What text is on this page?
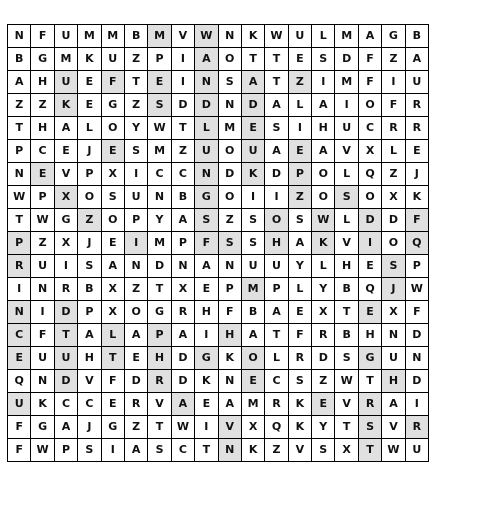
N	F	U	M	M	B	M	V	W	N	K	W	U	L	M	A	G	B
B	G	M	K	U	Z	P	I	A	O	T	T	E	S	D	F	Z	A
A	H	U	E	F	T	E	I	N	S	A	T	Z	I	M	F	I	U
Z	Z	K	E	G	Z	S	D	D	N	D	A	L	A	I	O	F	R
T	H	A	L	O	Y	W	T	L	M	E	S	I	H	U	C	R	R
P	C	E	J	E	S	M	Z	U	O	U	A	E	A	V	X	L	E
N	E	V	P	X	I	C	C	N	D	K	D	P	O	L	Q	Z	J
W	P	X	O	S	U	N	B	G	O	I	I	Z	O	S	O	X	K
T	W	G	Z	O	P	Y	A	S	Z	S	O	S	W	L	D	D	F
P	Z	X	J	E	I	M	P	F	S	S	H	A	K	V	I	O	Q
R	U	I	S	A	N	D	N	A	N	U	U	Y	L	H	E	S	P
I	N	R	B	X	Z	T	X	E	P	M	P	L	Y	B	Q	J	W
N	I	D	P	X	O	G	R	H	F	B	A	E	X	T	E	X	F
C	F	T	A	L	A	P	A	I	H	A	T	F	R	B	H	N	D
E	U	U	H	T	E	H	D	G	K	O	L	R	D	S	G	U	N
Q	N	D	V	F	D	R	D	K	N	E	C	S	Z	W	T	H	D
U	K	C	C	E	R	V	A	E	A	M	R	K	E	V	R	A	I
F	G	A	J	G	Z	T	W	I	V	X	Q	K	Y	T	S	V	R
F	W	P	S	I	A	S	C	T	N	K	Z	V	S	X	T	W	U
